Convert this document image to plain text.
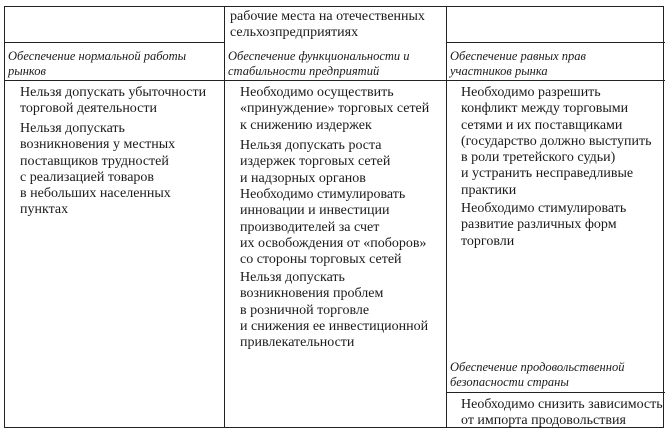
рабочие места на отечественных
сельхозпредприятиях
Обеспечение нормальной работы
рынков
Обеспечение функциональности и
стабильности предприятий
Обеспечение равных прав
участников рынка
Нельзя допускать убыточности
торговой деятельности
Нельзя допускать
возникновения у местных
поставщиков трудностей
с реализацией товаров
в небольших населенных
пунктах
Необходимо осуществить
«принуждение» торговых сетей
к снижению издержек
Нельзя допускать роста
издержек торговых сетей
и надзорных органов
Необходимо стимулировать
инновации и инвестиции
производителей за счет
их освобождения от «поборов»
со стороны торговых сетей
Нельзя допускать
возникновения проблем
в розничной торговле
и снижения ее инвестиционной
привлекательности
Необходимо разрешить
конфликт между торговыми
сетями и их поставщиками
(государство должно выступить
в роли третейского судьи)
и устранить несправедливые
практики
Необходимо стимулировать
развитие различных форм
торговли
Обеспечение продовольственной
безопасности страны
Необходимо снизить зависимость
от импорта продовольствия
